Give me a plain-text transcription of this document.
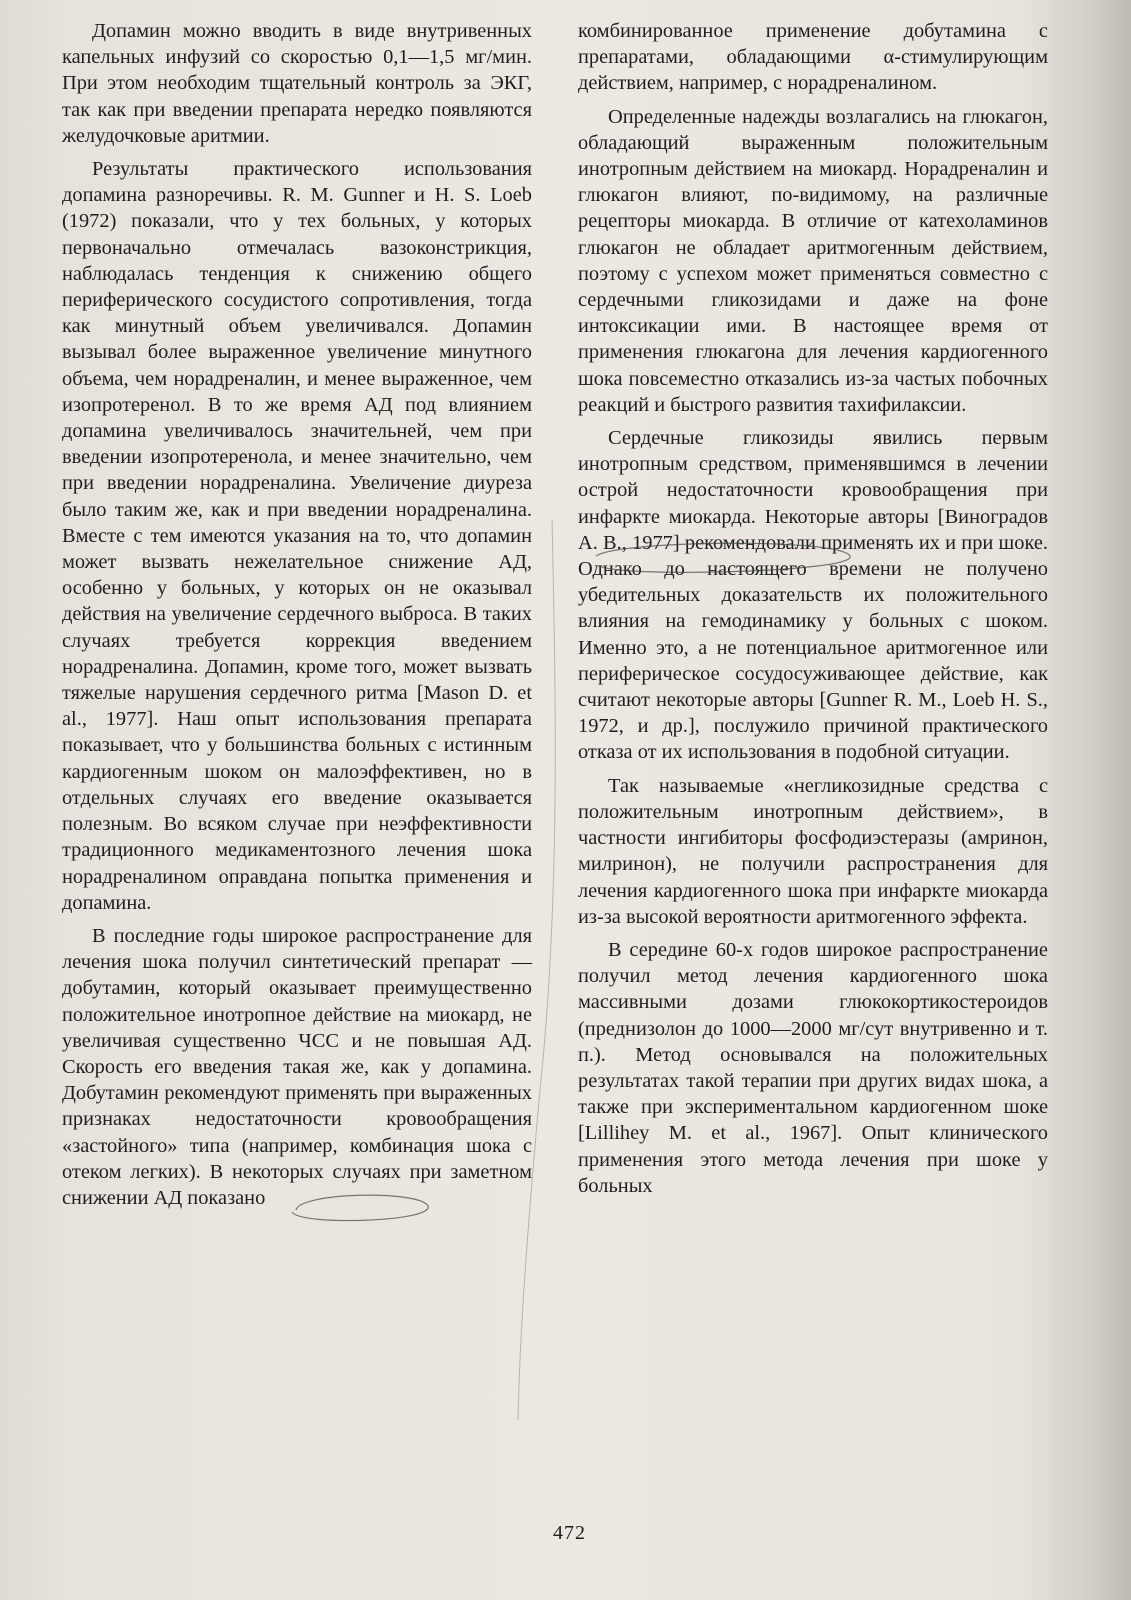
Допамин можно вводить в виде внутривенных капельных инфузий со скоростью 0,1—1,5 мг/мин. При этом необходим тщательный контроль за ЭКГ, так как при введении препарата нередко появляются желудочковые аритмии.

Результаты практического использования допамина разноречивы. R. M. Gunner и H. S. Loeb (1972) показали, что у тех больных, у которых первоначально отмечалась вазоконстрикция, наблюдалась тенденция к снижению общего периферического сосудистого сопротивления, тогда как минутный объем увеличивался. Допамин вызывал более выраженное увеличение минутного объема, чем норадреналин, и менее выраженное, чем изопротеренол. В то же время АД под влиянием допамина увеличивалось значительней, чем при введении изопротеренола, и менее значительно, чем при введении норадреналина. Увеличение диуреза было таким же, как и при введении норадреналина. Вместе с тем имеются указания на то, что допамин может вызвать нежелательное снижение АД, особенно у больных, у которых он не оказывал действия на увеличение сердечного выброса. В таких случаях требуется коррекция введением норадреналина. Допамин, кроме того, может вызвать тяжелые нарушения сердечного ритма [Mason D. et al., 1977]. Наш опыт использования препарата показывает, что у большинства больных с истинным кардиогенным шоком он малоэффективен, но в отдельных случаях его введение оказывается полезным. Во всяком случае при неэффективности традиционного медикаментозного лечения шока норадреналином оправдана попытка применения и допамина.

В последние годы широкое распространение для лечения шока получил синтетический препарат — добутамин, который оказывает преимущественно положительное инотропное действие на миокард, не увеличивая существенно ЧСС и не повышая АД. Скорость его введения такая же, как у допамина. Добутамин рекомендуют применять при выраженных признаках недостаточности кровообращения «застойного» типа (например, комбинация шока с отеком легких). В некоторых случаях при заметном снижении АД показано

комбинированное применение добутамина с препаратами, обладающими α-стимулирующим действием, например, с норадреналином.

Определенные надежды возлагались на глюкагон, обладающий выраженным положительным инотропным действием на миокард. Норадреналин и глюкагон влияют, по-видимому, на различные рецепторы миокарда. В отличие от катехоламинов глюкагон не обладает аритмогенным действием, поэтому с успехом может применяться совместно с сердечными гликозидами и даже на фоне интоксикации ими. В настоящее время от применения глюкагона для лечения кардиогенного шока повсеместно отказались из-за частых побочных реакций и быстрого развития тахифилаксии.

Сердечные гликозиды явились первым инотропным средством, применявшимся в лечении острой недостаточности кровообращения при инфаркте миокарда. Некоторые авторы [Виноградов А. В., 1977] рекомендовали применять их и при шоке. Однако до настоящего времени не получено убедительных доказательств их положительного влияния на гемодинамику у больных с шоком. Именно это, а не потенциальное аритмогенное или периферическое сосудосуживающее действие, как считают некоторые авторы [Gunner R. M., Loeb H. S., 1972, и др.], послужило причиной практического отказа от их использования в подобной ситуации.

Так называемые «негликозидные средства с положительным инотропным действием», в частности ингибиторы фосфодиэстеразы (амринон, милринон), не получили распространения для лечения кардиогенного шока при инфаркте миокарда из-за высокой вероятности аритмогенного эффекта.

В середине 60-х годов широкое распространение получил метод лечения кардиогенного шока массивными дозами глюкокортикостероидов (преднизолон до 1000—2000 мг/сут внутривенно и т. п.). Метод основывался на положительных результатах такой терапии при других видах шока, а также при экспериментальном кардиогенном шоке [Lillihey M. et al., 1967]. Опыт клинического применения этого метода лечения при шоке у больных

472
